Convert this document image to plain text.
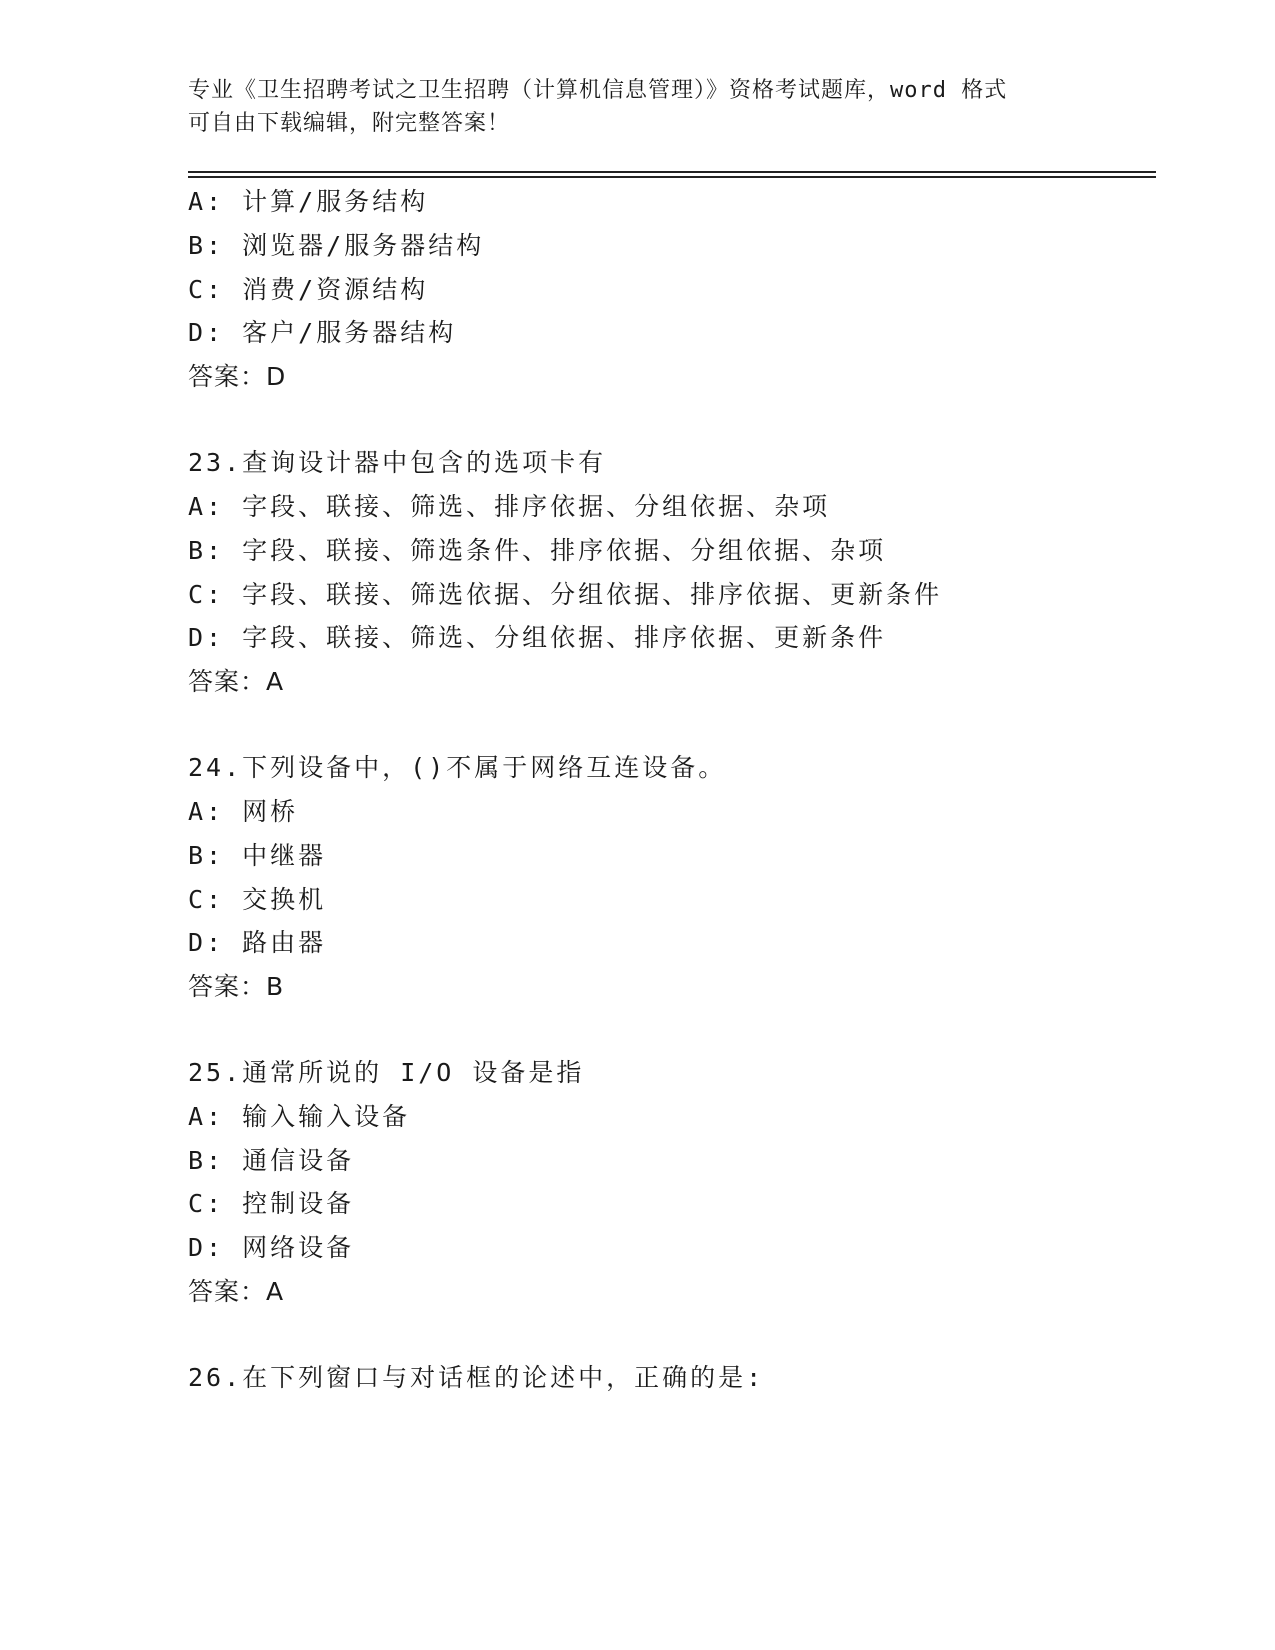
专业《卫生招聘考试之卫生招聘（计算机信息管理）》资格考试题库，word 格式
可自由下载编辑，附完整答案！
A: 计算/服务结构
B: 浏览器/服务器结构
C: 消费/资源结构
D: 客户/服务器结构
答案：D
23.查询设计器中包含的选项卡有
A: 字段、联接、筛选、排序依据、分组依据、杂项
B: 字段、联接、筛选条件、排序依据、分组依据、杂项
C: 字段、联接、筛选依据、分组依据、排序依据、更新条件
D: 字段、联接、筛选、分组依据、排序依据、更新条件
答案：A
24.下列设备中，()不属于网络互连设备。
A: 网桥
B: 中继器
C: 交换机
D: 路由器
答案：B
25.通常所说的 I/O 设备是指
A: 输入输入设备
B: 通信设备
C: 控制设备
D: 网络设备
答案：A
26.在下列窗口与对话框的论述中，正确的是:
